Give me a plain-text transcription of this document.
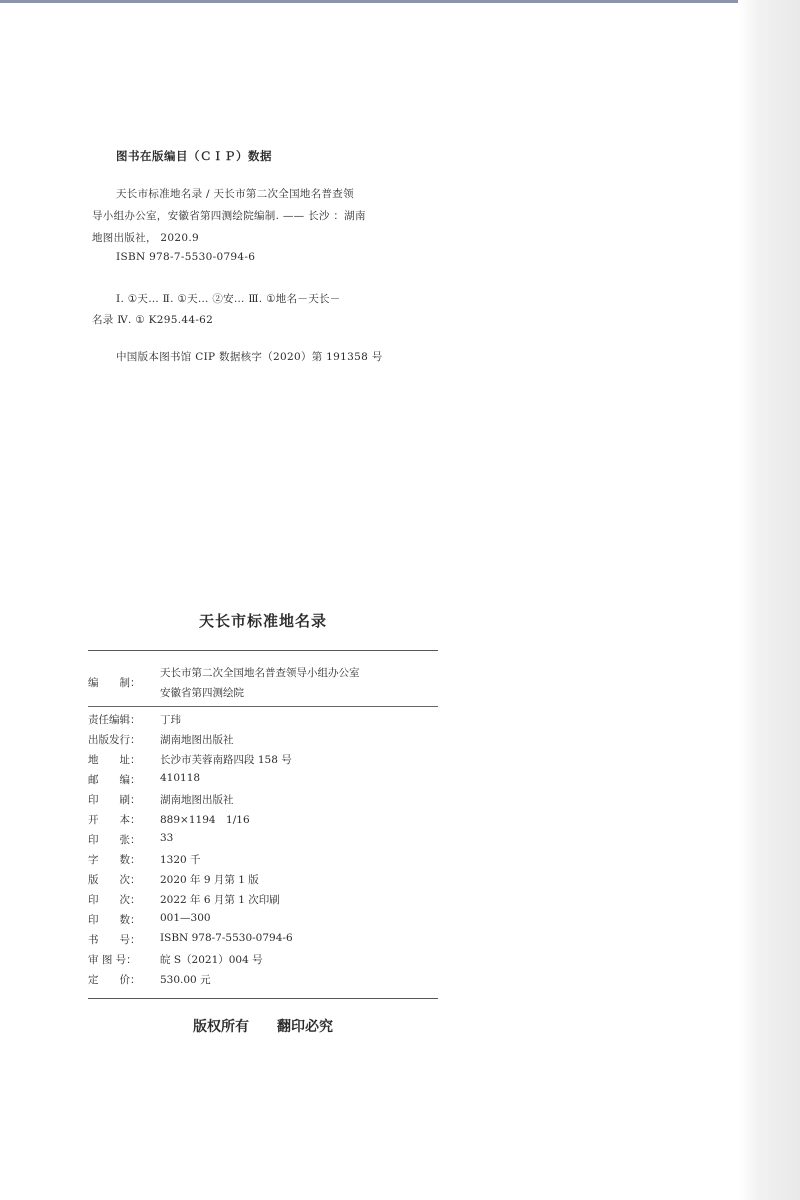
图书在版编目（ＣＩＰ）数据
天长市标准地名录 / 天长市第二次全国地名普查领
导小组办公室，安徽省第四测绘院编制. —— 长沙 ：湖南
地图出版社， 2020.9
ISBN 978-7-5530-0794-6
Ⅰ. ①天… Ⅱ. ①天… ②安… Ⅲ. ①地名－天长－
名录 Ⅳ. ① K295.44-62
中国版本图书馆 CIP 数据核字（2020）第 191358 号
天长市标准地名录
编　　制：
天长市第二次全国地名普查领导小组办公室
安徽省第四测绘院
责任编辑：	丁玮
出版发行：	湖南地图出版社
地　　址：	长沙市芙蓉南路四段 158 号
邮　　编：	410118
印　　刷：	湖南地图出版社
开　　本：	889×1194　1/16
印　　张：	33
字　　数：	1320 千
版　　次：	2020 年 9 月第 1 版
印　　次：	2022 年 6 月第 1 次印刷
印　　数：	001—300
书　　号：	ISBN 978-7-5530-0794-6
审 图 号：	皖 S（2021）004 号
定　　价：	530.00 元
版权所有 翻印必究
